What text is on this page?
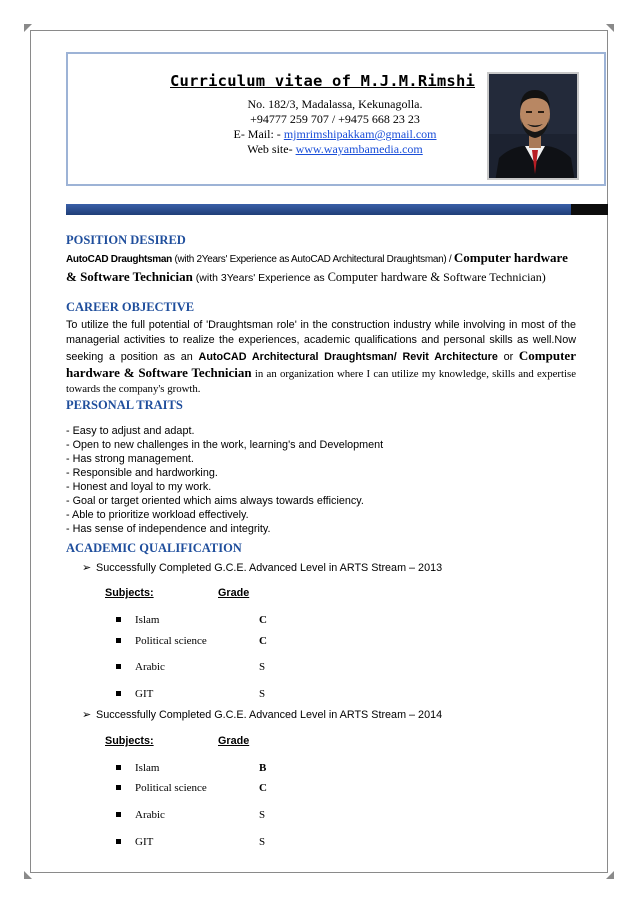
Curriculum vitae of M.J.M.Rimshi
No. 182/3, Madalassa, Kekunagolla.
+94777 259 707 / +9475 668 23 23
E- Mail: - mjmrimshipakkam@gmail.com
Web site- www.wayambamedia.com
POSITION DESIRED
AutoCAD Draughtsman (with 2Years' Experience as AutoCAD Architectural Draughtsman) / Computer hardware & Software Technician (with 3Years' Experience as Computer hardware & Software Technician)
CAREER OBJECTIVE
To utilize the full potential of 'Draughtsman role' in the construction industry while involving in most of the managerial activities to realize the experiences, academic qualifications and personal skills as well.Now seeking a position as an AutoCAD Architectural Draughtsman/ Revit Architecture or Computer hardware & Software Technician in an organization where I can utilize my knowledge, skills and expertise towards the company's growth.
PERSONAL TRAITS
- Easy to adjust and adapt.
- Open to new challenges in the work, learning's and Development
- Has strong management.
- Responsible and hardworking.
- Honest and loyal to my work.
- Goal or target oriented which aims always towards efficiency.
- Able to prioritize workload effectively.
- Has sense of independence and integrity.
ACADEMIC QUALIFICATION
➢ Successfully Completed G.C.E. Advanced Level in ARTS Stream – 2013
Subjects:	Grade
Islam	C
Political science	C
Arabic	S
GIT	S
➢ Successfully Completed G.C.E. Advanced Level in ARTS Stream – 2014
Subjects:	Grade
Islam	B
Political science	C
Arabic	S
GIT	S
